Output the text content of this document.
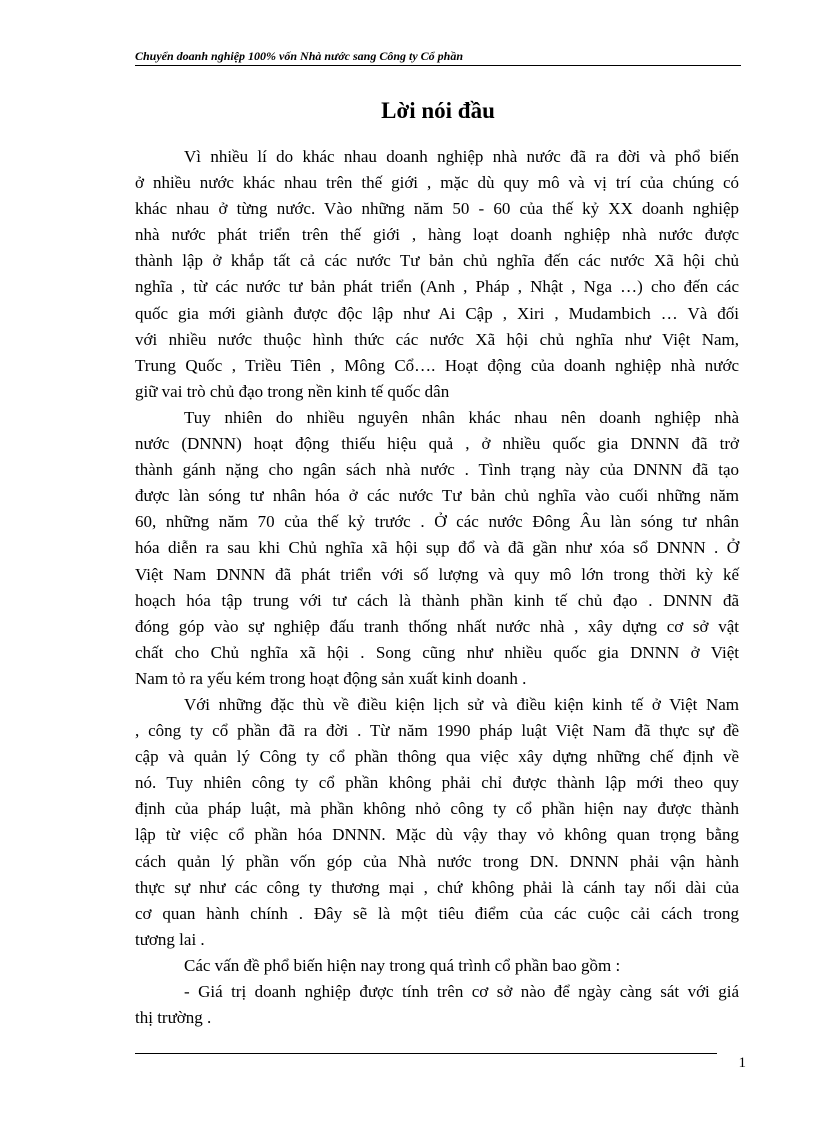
Chuyển doanh nghiệp 100% vốn Nhà nước sang Công ty Cổ phần
Lời nói đầu
Vì nhiều lí do khác nhau doanh nghiệp nhà nước đã ra đời và phổ biến
ở nhiều nước khác nhau trên thế giới , mặc dù quy mô và vị trí của chúng có
khác nhau ở từng nước. Vào những năm 50 - 60 của thế kỷ XX doanh nghiệp
nhà nước phát triển trên thế giới , hàng loạt doanh nghiệp nhà nước được
thành lập ở khắp tất cả các nước Tư bản chủ nghĩa đến các nước Xã hội chủ
nghĩa , từ các nước tư bản phát triển (Anh , Pháp , Nhật , Nga …) cho đến các
quốc gia mới giành được độc lập như Ai Cập , Xiri , Mudambich … Và đối
với nhiều nước thuộc hình thức các nước Xã hội chủ nghĩa như Việt Nam,
Trung Quốc , Triều Tiên , Mông Cổ…. Hoạt động của doanh nghiệp nhà nước
giữ vai trò chủ đạo trong nền kinh tế quốc dân
Tuy nhiên do nhiều nguyên nhân khác nhau nên doanh nghiệp nhà
nước (DNNN) hoạt động thiếu hiệu quả , ở nhiều quốc gia DNNN đã trở
thành gánh nặng cho ngân sách nhà nước . Tình trạng này của DNNN đã tạo
được làn sóng tư nhân hóa ở các nước Tư bản chủ nghĩa vào cuối những năm
60, những năm 70 của thế kỷ trước . Ở các nước Đông Âu làn sóng tư nhân
hóa diễn ra sau khi Chủ nghĩa xã hội sụp đổ và đã gần như xóa sổ DNNN . Ở
Việt Nam DNNN đã phát triển với số lượng và quy mô lớn trong thời kỳ kế
hoạch hóa tập trung với tư cách là thành phần kinh tế chủ đạo . DNNN đã
đóng góp vào sự nghiệp đấu tranh thống nhất nước nhà , xây dựng cơ sở vật
chất cho Chủ nghĩa xã hội . Song cũng như nhiều quốc gia DNNN ở Việt
Nam tỏ ra yếu kém trong hoạt động sản xuất kinh doanh .
Với những đặc thù về điều kiện lịch sử và điều kiện kinh tế ở Việt Nam
, công ty cổ phần đã ra đời . Từ năm 1990 pháp luật Việt Nam đã thực sự đề
cập và quản lý Công ty cổ phần thông qua việc xây dựng những chế định về
nó. Tuy nhiên công ty cổ phần không phải chỉ được thành lập mới theo quy
định của pháp luật, mà phần không nhỏ công ty cổ phần hiện nay được thành
lập từ việc cổ phần hóa DNNN. Mặc dù vậy thay vỏ không quan trọng bằng
cách quản lý phần vốn góp của Nhà nước trong DN. DNNN phải vận hành
thực sự như các công ty thương mại , chứ không phải là cánh tay nối dài của
cơ quan hành chính . Đây sẽ là một tiêu điểm của các cuộc cải cách trong
tương lai .
Các vấn đề phổ biến hiện nay trong quá trình cổ phần bao gồm :
- Giá trị doanh nghiệp được tính trên cơ sở nào để ngày càng sát với giá
thị trường .
1
